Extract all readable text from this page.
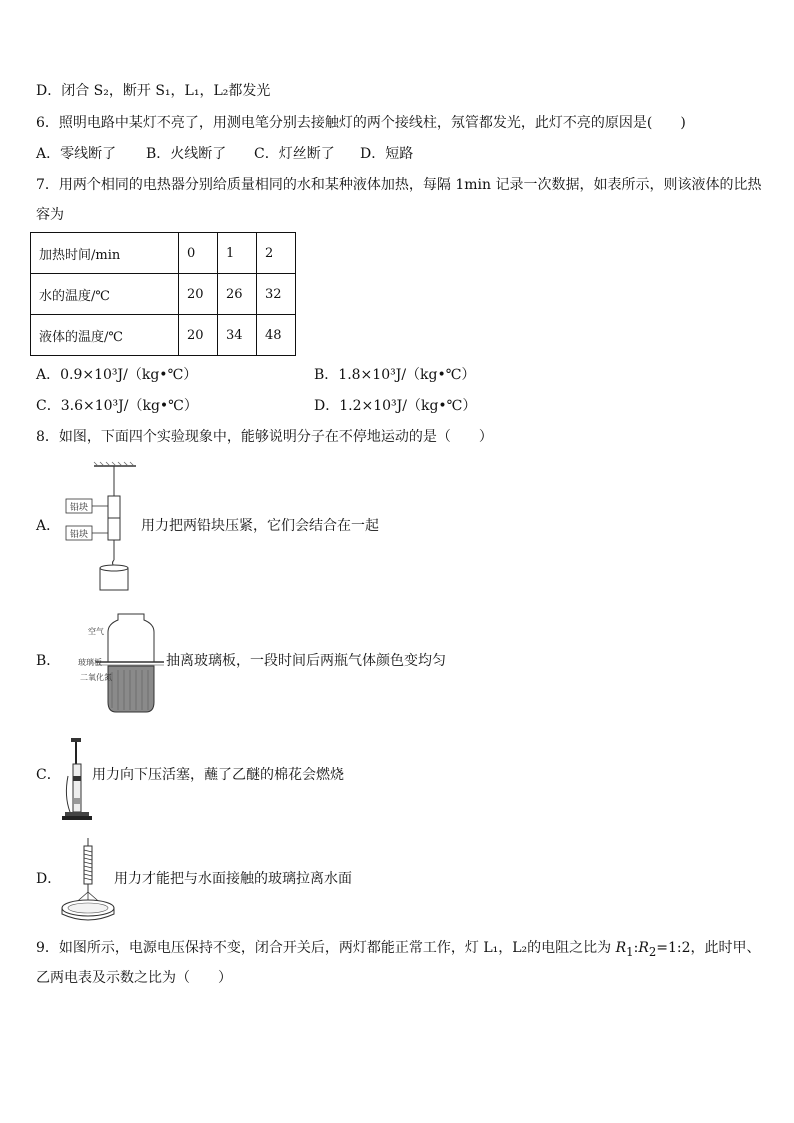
D．闭合 S₂，断开 S₁，L₁，L₂都发光
6．照明电路中某灯不亮了，用测电笔分别去接触灯的两个接线柱，氖管都发光，此灯不亮的原因是(　　)
A．零线断了 B．火线断了 C．灯丝断了 D．短路
7．用两个相同的电热器分别给质量相同的水和某种液体加热，每隔 1min 记录一次数据，如表所示，则该液体的比热
容为
加热时间/min	0	1	2
水的温度/℃	20	26	32
液体的温度/℃	20	34	48
A．0.9×10³J/（kg•℃）	B．1.8×10³J/（kg•℃）
C．3.6×10³J/（kg•℃）	D．1.2×10³J/（kg•℃）
8．如图，下面四个实验现象中，能够说明分子在不停地运动的是（　　）
A．
铅块
铅块
用力把两铅块压紧，它们会结合在一起
B．
空气
玻璃板
二氧化氮
抽离玻璃板，一段时间后两瓶气体颜色变均匀
C． 用力向下压活塞，蘸了乙醚的棉花会燃烧
D．	用力才能把与水面接触的玻璃拉离水面
9．如图所示，电源电压保持不变，闭合开关后，两灯都能正常工作，灯 L₁，L₂的电阻之比为 $R_1:R_2=1:2$，此时甲、
乙两电表及示数之比为（　　）
